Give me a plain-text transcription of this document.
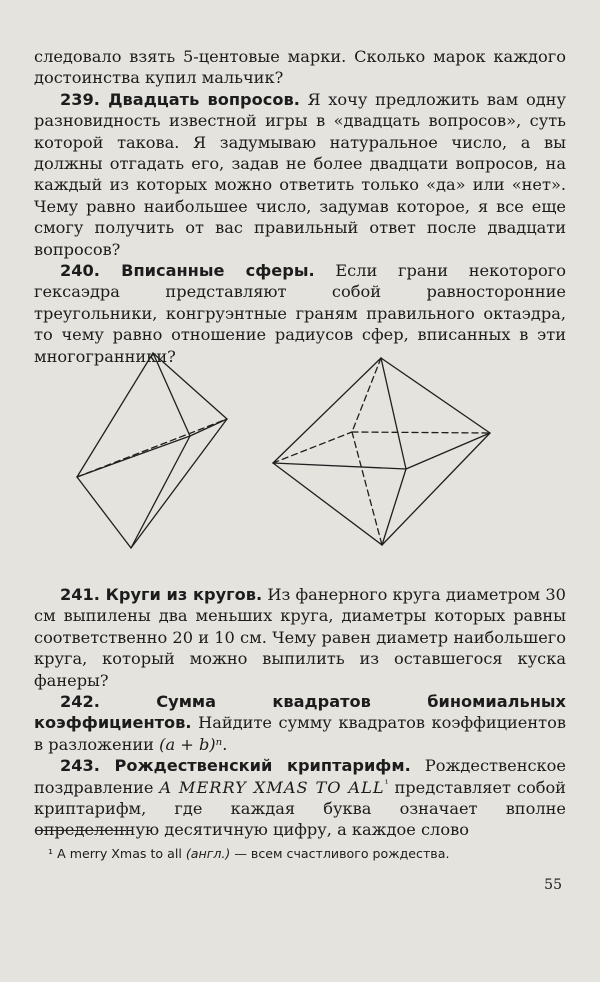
следовало взять 5-центовые марки. Сколько марок каждого достоинства купил мальчик?

239. Двадцать вопросов. Я хочу предложить вам одну разновидность известной игры в «двадцать вопросов», суть которой такова. Я задумываю натуральное число, а вы должны отгадать его, задав не более двадцати вопросов, на каждый из которых можно ответить только «да» или «нет». Чему равно наибольшее число, задумав которое, я все еще смогу получить от вас правильный ответ после двадцати вопросов?

240. Вписанные сферы. Если грани некоторого гексаэдра представляют собой равносторонние треугольники, конгруэнтные граням правильного октаэдра, то чему равно отношение радиусов сфер, вписанных в эти многогранники?

241. Круги из кругов. Из фанерного круга диаметром 30 см выпилены два меньших круга, диаметры которых равны соответственно 20 и 10 см. Чему равен диаметр наибольшего круга, который можно выпилить из оставшегося куска фанеры?

242. Сумма квадратов биномиальных коэффициентов. Найдите сумму квадратов коэффициентов в разложении (a + b)ⁿ.

243. Рождественский криптарифм. Рождественское поздравление A MERRY XMAS TO $ALL^{^1}$ представляет собой криптарифм, где каждая буква означает вполне определенную десятичную цифру, а каждое слово

¹ A merry Xmas to all (англ.) — всем счастливого рождества.
55
